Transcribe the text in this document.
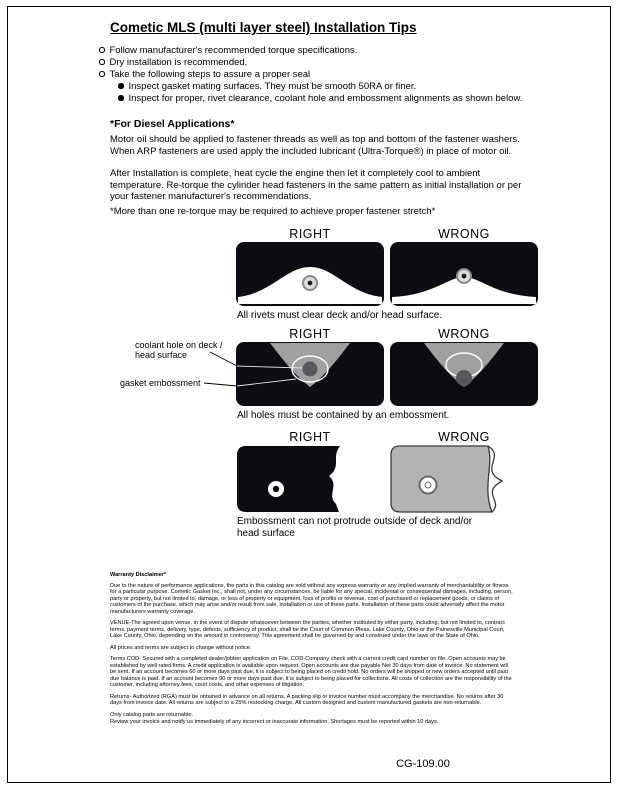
Cometic MLS (multi layer steel) Installation Tips
Follow manufacturer's recommended torque specifications.
Dry installation is recommended.
Take the following steps to assure a proper seal
Inspect gasket mating surfaces. They must be smooth 50RA or finer.
Inspect for proper, rivet clearance, coolant hole and embossment alignments as shown below.
*For Diesel Applications*
Motor oil should be applied to fastener threads as well as top and bottom of the fastener washers. When ARP fasteners are used apply the included lubricant (Ultra-Torque®) in place of motor oil.
After Installation is complete, heat cycle the engine then let it completely cool to ambient temperature. Re-torque the cylinder head fasteners in the same pattern as initial installation or per your fastener manufacturer's recommendations.
*More than one re-torque may be required to achieve proper fastener stretch*
RIGHT	WRONG
All rivets must clear deck and/or head surface.
RIGHT	WRONG
coolant hole on deck / head surface
gasket embossment
All holes must be contained by an embossment.
RIGHT	WRONG
Embossment can not protrude outside of deck and/or head surface
Warranty Disclaimer*

Due to the nature of performance applications, the parts in this catalog are sold without any express warranty or any implied warranty of merchantability or fitness for a particular purpose. Cometic Gasket Inc., shall not, under any circumstances, be liable for any special, incidental or consequential damages, including, person, party or property, but not limited to, damage, or loss of property or equipment, loss of profits or revenue, cost of purchased or replacement goods, or claims of customers of the purchase, which may arise and/or result from sale, installation or use of these parts. Installation of these parts could adversely affect the motor manufacturers warranty coverage.

VENUE-The agreed upon venue, in the event of dispute whatsoever between the parties, whether instituted by either party, including, but not limited to, contract terms, payment terms, delivery, type, defects, sufficiency of product, shall be the Court of Common Pleas, Lake County, Ohio or the Painesville Municipal Court, Lake County, Ohio, depending on the amount in controversy. This agreement shall be governed by and construed under the laws of the State of Ohio.

All prices and terms are subject to change without notice.

Terms COD- Secured with a completed dealer/jobber application on File, COD-Company check with a current credit card number on file. Open accounts may be established by well rated firms. A credit application is available upon request. Open accounts are due payable Net 30 days from date of invoice. No statement will be sent. If an account becomes 60 or more days past due, it is subject to being placed on credit hold. No orders will be shipped or new orders accepted until past due balance is paid. If an account becomes 90 or more days past due, it is subject to being placed for collections. All costs of collection are the responsibility of the customer, including attorney fees, court costs, and other expenses of litigation.

Returns- Authorized (RGA) must be obtained in advance on all returns. A packing slip or invoice number must accompany the merchandise. No returns after 30 days from invoice date. All returns are subject to a 25% restocking charge. All custom designed and custom manufactured gaskets are non-returnable.

Only catalog parts are returnable.

Review your invoice and notify us immediately of any incorrect or inaccurate information. Shortages must be reported within 10 days.

CG-109.00
